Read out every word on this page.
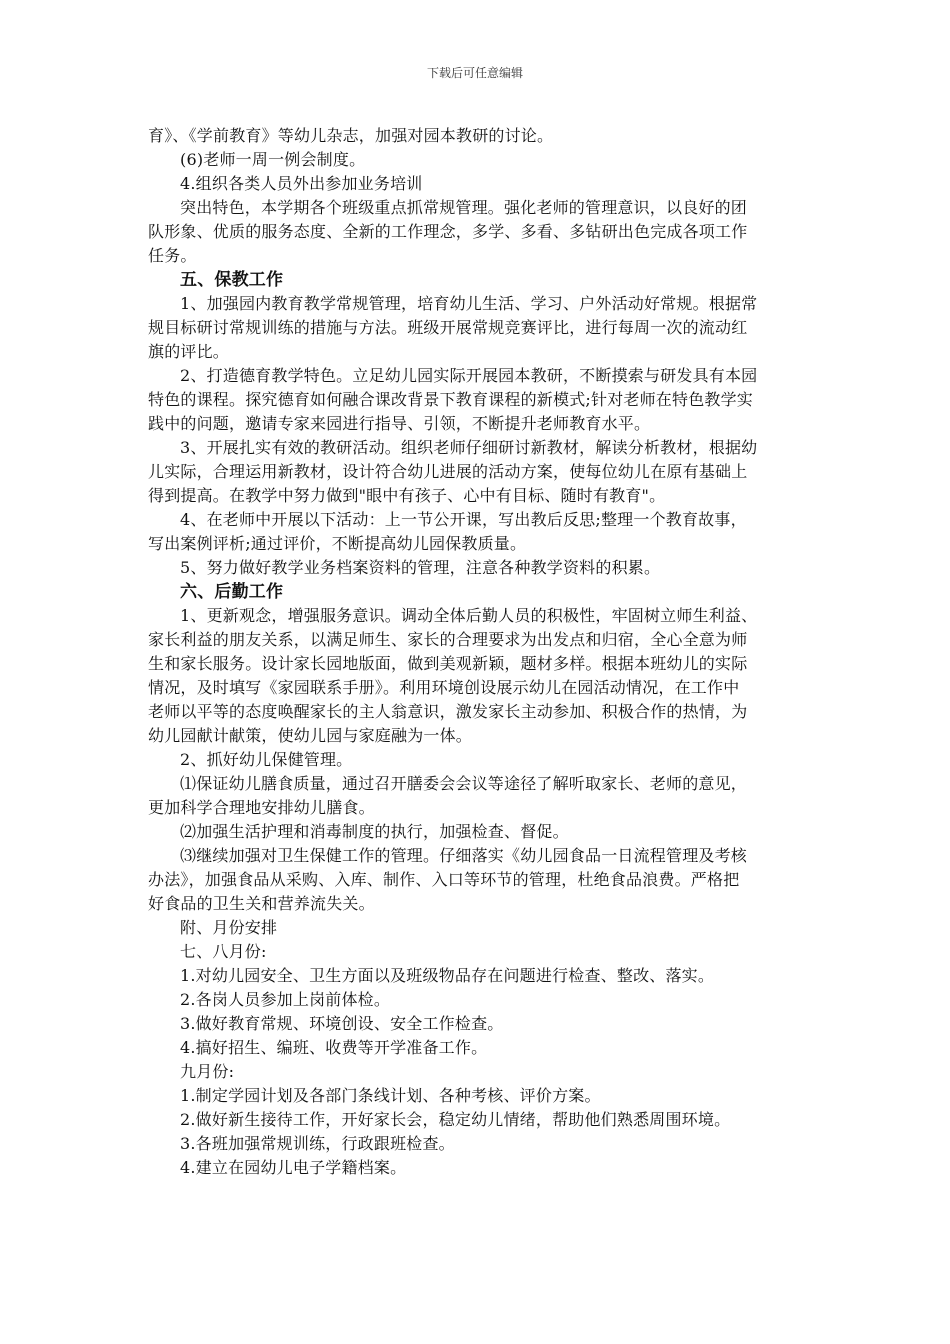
下载后可任意编辑
育》、《学前教育》等幼儿杂志，加强对园本教研的讨论。
(6)老师一周一例会制度。
4.组织各类人员外出参加业务培训
突出特色，本学期各个班级重点抓常规管理。强化老师的管理意识，以良好的团
队形象、优质的服务态度、全新的工作理念，多学、多看、多钻研出色完成各项工作
任务。
五、保教工作
1、加强园内教育教学常规管理，培育幼儿生活、学习、户外活动好常规。根据常
规目标研讨常规训练的措施与方法。班级开展常规竞赛评比，进行每周一次的流动红
旗的评比。
2、打造德育教学特色。立足幼儿园实际开展园本教研，不断摸索与研发具有本园
特色的课程。探究德育如何融合课改背景下教育课程的新模式;针对老师在特色教学实
践中的问题，邀请专家来园进行指导、引领，不断提升老师教育水平。
3、开展扎实有效的教研活动。组织老师仔细研讨新教材，解读分析教材，根据幼
儿实际，合理运用新教材，设计符合幼儿进展的活动方案，使每位幼儿在原有基础上
得到提高。在教学中努力做到"眼中有孩子、心中有目标、随时有教育"。
4、在老师中开展以下活动：上一节公开课，写出教后反思;整理一个教育故事，
写出案例评析;通过评价，不断提高幼儿园保教质量。
5、努力做好教学业务档案资料的管理，注意各种教学资料的积累。
六、后勤工作
1、更新观念，增强服务意识。调动全体后勤人员的积极性，牢固树立师生利益、
家长利益的朋友关系，以满足师生、家长的合理要求为出发点和归宿，全心全意为师
生和家长服务。设计家长园地版面，做到美观新颖，题材多样。根据本班幼儿的实际
情况，及时填写《家园联系手册》。利用环境创设展示幼儿在园活动情况，在工作中
老师以平等的态度唤醒家长的主人翁意识，激发家长主动参加、积极合作的热情，为
幼儿园献计献策，使幼儿园与家庭融为一体。
2、抓好幼儿保健管理。
⑴保证幼儿膳食质量，通过召开膳委会会议等途径了解听取家长、老师的意见，
更加科学合理地安排幼儿膳食。
⑵加强生活护理和消毒制度的执行，加强检查、督促。
⑶继续加强对卫生保健工作的管理。仔细落实《幼儿园食品一日流程管理及考核
办法》，加强食品从采购、入库、制作、入口等环节的管理，杜绝食品浪费。严格把
好食品的卫生关和营养流失关。
附、月份安排
七、八月份:
1.对幼儿园安全、卫生方面以及班级物品存在问题进行检查、整改、落实。
2.各岗人员参加上岗前体检。
3.做好教育常规、环境创设、安全工作检查。
4.搞好招生、编班、收费等开学准备工作。
九月份:
1.制定学园计划及各部门条线计划、各种考核、评价方案。
2.做好新生接待工作，开好家长会，稳定幼儿情绪，帮助他们熟悉周围环境。
3.各班加强常规训练，行政跟班检查。
4.建立在园幼儿电子学籍档案。
